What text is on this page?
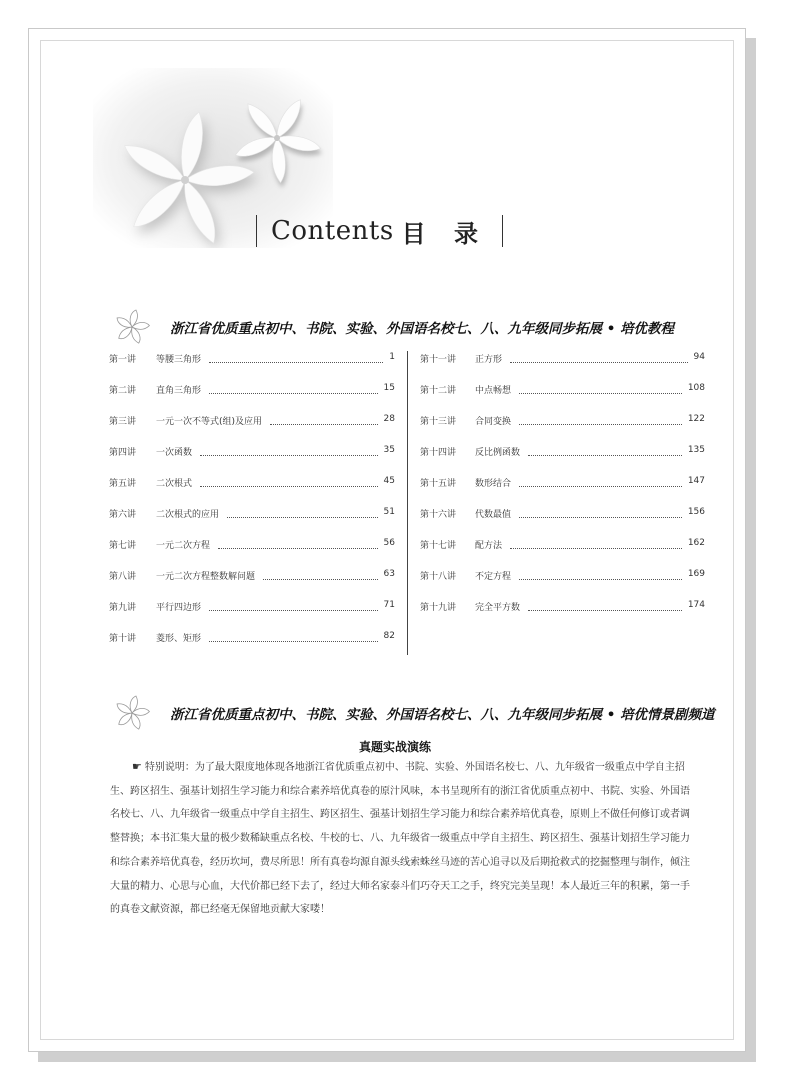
Contents 目 录
浙江省优质重点初中、书院、实验、外国语名校七、八、九年级同步拓展 • 培优教程
第一讲 等腰三角形	1
第二讲 直角三角形	15
第三讲 一元一次不等式(组)及应用	28
第四讲 一次函数	35
第五讲 二次根式	45
第六讲 二次根式的应用	51
第七讲 一元二次方程	56
第八讲 一元二次方程整数解问题	63
第九讲 平行四边形	71
第十讲 菱形、矩形	82
第十一讲 正方形	94
第十二讲 中点畅想	108
第十三讲 合同变换	122
第十四讲 反比例函数	135
第十五讲 数形结合	147
第十六讲 代数最值	156
第十七讲 配方法	162
第十八讲 不定方程	169
第十九讲 完全平方数	174
浙江省优质重点初中、书院、实验、外国语名校七、八、九年级同步拓展 • 培优情景剧频道
真题实战演练
☛ 特别说明：为了最大限度地体现各地浙江省优质重点初中、书院、实验、外国语名校七、八、九年级省一级重点中学自主招生、跨区招生、强基计划招生学习能力和综合素养培优真卷的原汁风味，本书呈现所有的浙江省优质重点初中、书院、实验、外国语名校七、八、九年级省一级重点中学自主招生、跨区招生、强基计划招生学习能力和综合素养培优真卷，原则上不做任何修订或者调整替换；本书汇集大量的极少数稀缺重点名校、牛校的七、八、九年级省一级重点中学自主招生、跨区招生、强基计划招生学习能力和综合素养培优真卷，经历坎坷，费尽所思！所有真卷均源自源头线索蛛丝马迹的苦心追寻以及后期抢救式的挖掘整理与制作，倾注大量的精力、心思与心血，大代价都已经下去了，经过大师名家泰斗们巧夺天工之手，终究完美呈现！本人最近三年的积累，第一手的真卷文献资源，都已经毫无保留地贡献大家喽！
